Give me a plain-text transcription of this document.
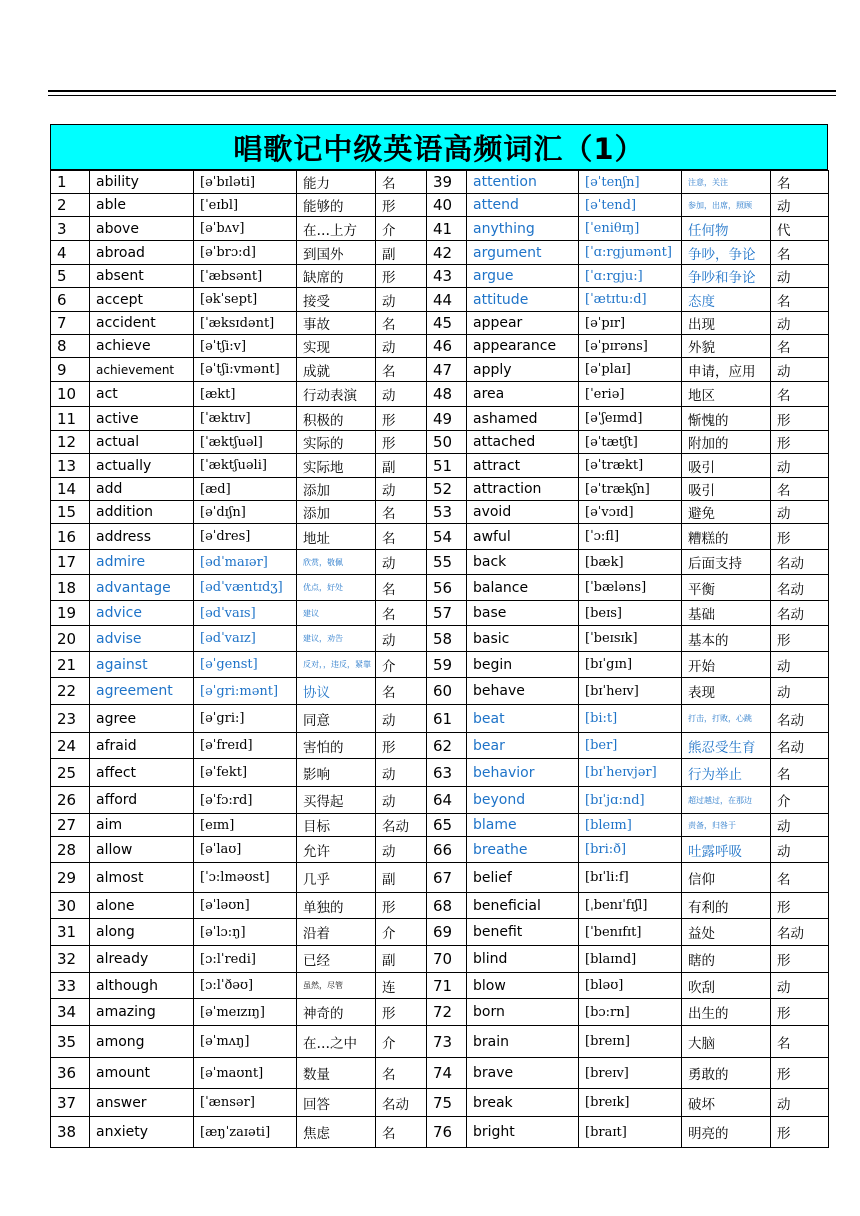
唱歌记中级英语高频词汇（1）
1	ability	[əˈbɪləti]	能力	名	39	attention	[əˈtenʃn]	注意，关注	名
2	able	[ˈeɪbl]	能够的	形	40	attend	[əˈtend]	参加，出席，照顾	动
3	above	[əˈbʌv]	在…上方	介	41	anything	[ˈeniθɪŋ]	任何物	代
4	abroad	[əˈbrɔ:d]	到国外	副	42	argument	[ˈɑ:rgjumənt]	争吵，争论	名
5	absent	[ˈæbsənt]	缺席的	形	43	argue	[ˈɑ:rgju:]	争吵和争论	动
6	accept	[əkˈsept]	接受	动	44	attitude	[ˈætɪtu:d]	态度	名
7	accident	[ˈæksɪdənt]	事故	名	45	appear	[əˈpɪr]	出现	动
8	achieve	[əˈtʃi:v]	实现	动	46	appearance	[əˈpɪrəns]	外貌	名
9	achievement	[əˈtʃi:vmənt]	成就	名	47	apply	[əˈplaɪ]	申请，应用	动
10	act	[ækt]	行动表演	动	48	area	[ˈeriə]	地区	名
11	active	[ˈæktɪv]	积极的	形	49	ashamed	[əˈʃeɪmd]	惭愧的	形
12	actual	[ˈæktʃuəl]	实际的	形	50	attached	[əˈtætʃt]	附加的	形
13	actually	[ˈæktʃuəli]	实际地	副	51	attract	[əˈtrækt]	吸引	动
14	add	[æd]	添加	动	52	attraction	[əˈtrækʃn]	吸引	名
15	addition	[əˈdɪʃn]	添加	名	53	avoid	[əˈvɔɪd]	避免	动
16	address	[əˈdres]	地址	名	54	awful	[ˈɔ:fl]	糟糕的	形
17	admire	[ədˈmaɪər]	欣赏，敬佩	动	55	back	[bæk]	后面支持	名动
18	advantage	[ədˈvæntɪdʒ]	优点，好处	名	56	balance	[ˈbæləns]	平衡	名动
19	advice	[ədˈvaɪs]	建议	名	57	base	[beɪs]	基础	名动
20	advise	[ədˈvaɪz]	建议，劝告	动	58	basic	[ˈbeɪsɪk]	基本的	形
21	against	[əˈgenst]	反对，，违反，紧靠	介	59	begin	[bɪˈgɪn]	开始	动
22	agreement	[əˈgri:mənt]	协议	名	60	behave	[bɪˈheɪv]	表现	动
23	agree	[əˈgri:]	同意	动	61	beat	[bi:t]	打击，打败，心跳	名动
24	afraid	[əˈfreɪd]	害怕的	形	62	bear	[ber]	熊忍受生育	名动
25	affect	[əˈfekt]	影响	动	63	behavior	[bɪˈheɪvjər]	行为举止	名
26	afford	[əˈfɔ:rd]	买得起	动	64	beyond	[bɪˈjɑ:nd]	超过越过，在那边	介
27	aim	[eɪm]	目标	名动	65	blame	[bleɪm]	责备，归咎于	动
28	allow	[əˈlaʊ]	允许	动	66	breathe	[bri:ð]	吐露呼吸	动
29	almost	[ˈɔ:lməʊst]	几乎	副	67	belief	[bɪˈli:f]	信仰	名
30	alone	[əˈləʊn]	单独的	形	68	beneficial	[ˌbenɪˈfɪʃl]	有利的	形
31	along	[əˈlɔ:ŋ]	沿着	介	69	benefit	[ˈbenɪfɪt]	益处	名动
32	already	[ɔ:lˈredi]	已经	副	70	blind	[blaɪnd]	瞎的	形
33	although	[ɔ:lˈðəʊ]	虽然，尽管	连	71	blow	[bləʊ]	吹刮	动
34	amazing	[əˈmeɪzɪŋ]	神奇的	形	72	born	[bɔ:rn]	出生的	形
35	among	[əˈmʌŋ]	在…之中	介	73	brain	[breɪn]	大脑	名
36	amount	[əˈmaʊnt]	数量	名	74	brave	[breɪv]	勇敢的	形
37	answer	[ˈænsər]	回答	名动	75	break	[breɪk]	破坏	动
38	anxiety	[æŋˈzaɪəti]	焦虑	名	76	bright	[braɪt]	明亮的	形
